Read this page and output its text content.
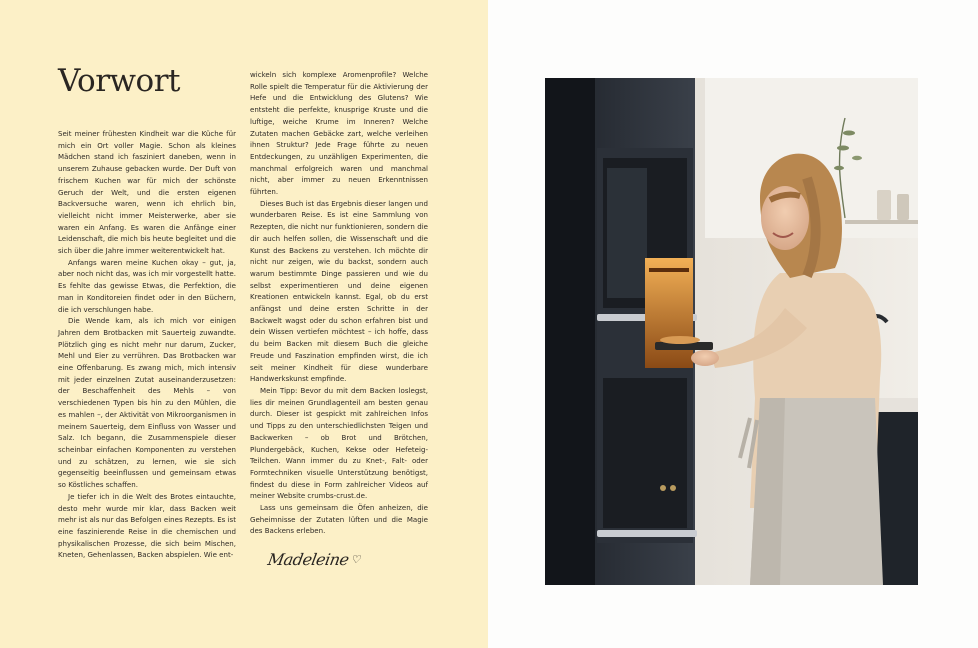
Vorwort

Seit meiner frühesten Kindheit war die Küche für mich ein Ort voller Magie. Schon als kleines Mädchen stand ich fasziniert daneben, wenn in unserem Zuhause gebacken wurde. Der Duft von frischem Kuchen war für mich der schönste Geruch der Welt, und die ersten eigenen Backversuche waren, wenn ich ehrlich bin, vielleicht nicht immer Meisterwerke, aber sie waren ein Anfang. Es waren die Anfänge einer Leidenschaft, die mich bis heute begleitet und die sich über die Jahre immer weiterentwickelt hat.

Anfangs waren meine Kuchen okay – gut, ja, aber noch nicht das, was ich mir vorgestellt hatte. Es fehlte das gewisse Etwas, die Perfektion, die man in Konditoreien findet oder in den Büchern, die ich verschlungen habe.

Die Wende kam, als ich mich vor einigen Jahren dem Brotbacken mit Sauerteig zuwandte. Plötzlich ging es nicht mehr nur darum, Zucker, Mehl und Eier zu verrühren. Das Brotbacken war eine Offenbarung. Es zwang mich, mich intensiv mit jeder einzelnen Zutat auseinanderzusetzen: der Beschaffenheit des Mehls – von verschiedenen Typen bis hin zu den Mühlen, die es mahlen –, der Aktivität von Mikroorganismen in meinem Sauerteig, dem Einfluss von Wasser und Salz. Ich begann, die Zusammenspiele dieser scheinbar einfachen Komponenten zu verstehen und zu schätzen, zu lernen, wie sie sich gegenseitig beeinflussen und gemeinsam etwas so Köstliches schaffen.

Je tiefer ich in die Welt des Brotes eintauchte, desto mehr wurde mir klar, dass Backen weit mehr ist als nur das Befolgen eines Rezepts. Es ist eine faszinierende Reise in die chemischen und physikalischen Prozesse, die sich beim Mischen, Kneten, Gehenlassen, Backen abspielen. Wie ent-

wickeln sich komplexe Aromenprofile? Welche Rolle spielt die Temperatur für die Aktivierung der Hefe und die Entwicklung des Glutens? Wie entsteht die perfekte, knusprige Kruste und die luftige, weiche Krume im Inneren? Welche Zutaten machen Gebäcke zart, welche verleihen ihnen Struktur? Jede Frage führte zu neuen Entdeckungen, zu unzähligen Experimenten, die manchmal erfolgreich waren und manchmal nicht, aber immer zu neuen Erkenntnissen führten.

Dieses Buch ist das Ergebnis dieser langen und wunderbaren Reise. Es ist eine Sammlung von Rezepten, die nicht nur funktionieren, sondern die dir auch helfen sollen, die Wissenschaft und die Kunst des Backens zu verstehen. Ich möchte dir nicht nur zeigen, wie du backst, sondern auch warum bestimmte Dinge passieren und wie du selbst experimentieren und deine eigenen Kreationen entwickeln kannst. Egal, ob du erst anfängst und deine ersten Schritte in der Backwelt wagst oder du schon erfahren bist und dein Wissen vertiefen möchtest – ich hoffe, dass du beim Backen mit diesem Buch die gleiche Freude und Faszination empfinden wirst, die ich seit meiner Kindheit für diese wunderbare Handwerkskunst empfinde.

Mein Tipp: Bevor du mit dem Backen loslegst, lies dir meinen Grundlagenteil am besten genau durch. Dieser ist gespickt mit zahlreichen Infos und Tipps zu den unterschiedlichsten Teigen und Backwerken – ob Brot und Brötchen, Plundergebäck, Kuchen, Kekse oder Hefeteig-Teilchen. Wann immer du zu Knet-, Falt- oder Formtechniken visuelle Unterstützung benötigst, findest du diese in Form zahlreicher Videos auf meiner Website crumbs-crust.de.

Lass uns gemeinsam die Öfen anheizen, die Geheimnisse der Zutaten lüften und die Magie des Backens erleben.

Madeleine♡
